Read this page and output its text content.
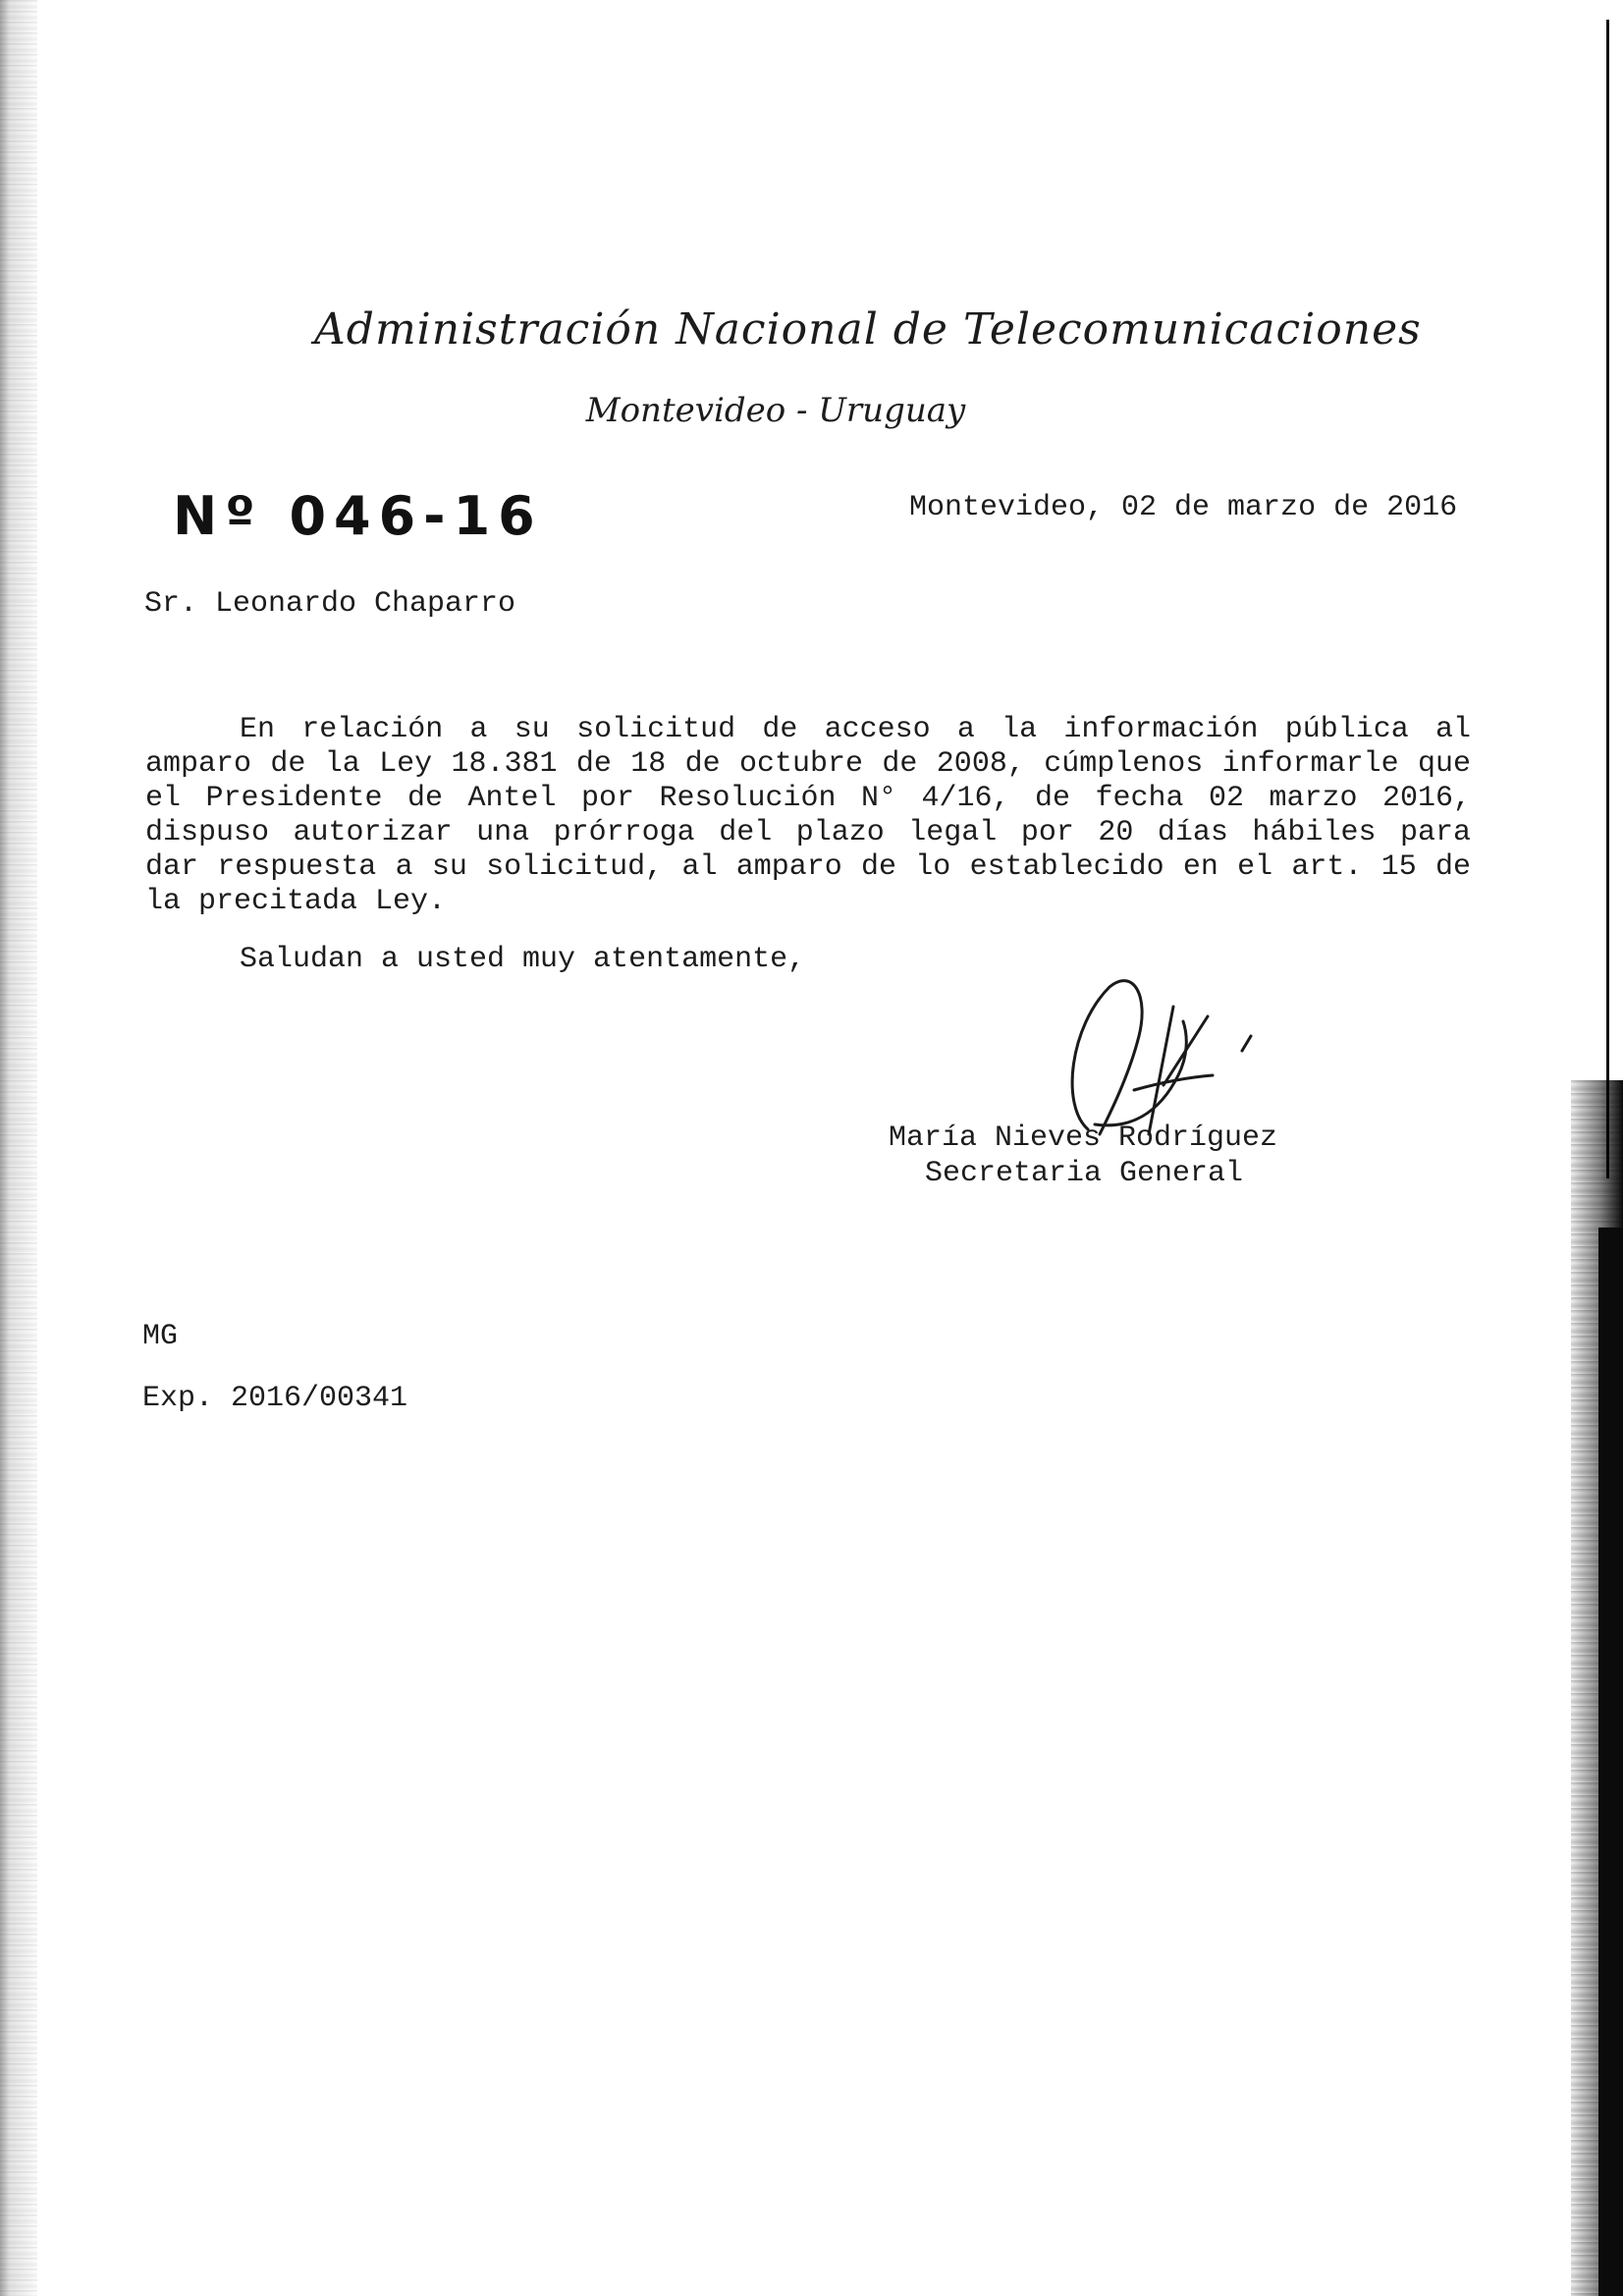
Administración Nacional de Telecomunicaciones
Montevideo - Uruguay
Nº 046-16	Montevideo, 02 de marzo de 2016
Sr. Leonardo Chaparro

En relación a su solicitud de acceso a la información pública al amparo de la Ley 18.381 de 18 de octubre de 2008, cúmplenos informarle que el Presidente de Antel por Resolución N° 4/16, de fecha 02 marzo 2016, dispuso autorizar una prórroga del plazo legal por 20 días hábiles para dar respuesta a su solicitud, al amparo de lo establecido en el art. 15 de la precitada Ley.

Saludan a usted muy atentamente,
María Nieves Rodríguez
Secretaria General
MG
Exp. 2016/00341
